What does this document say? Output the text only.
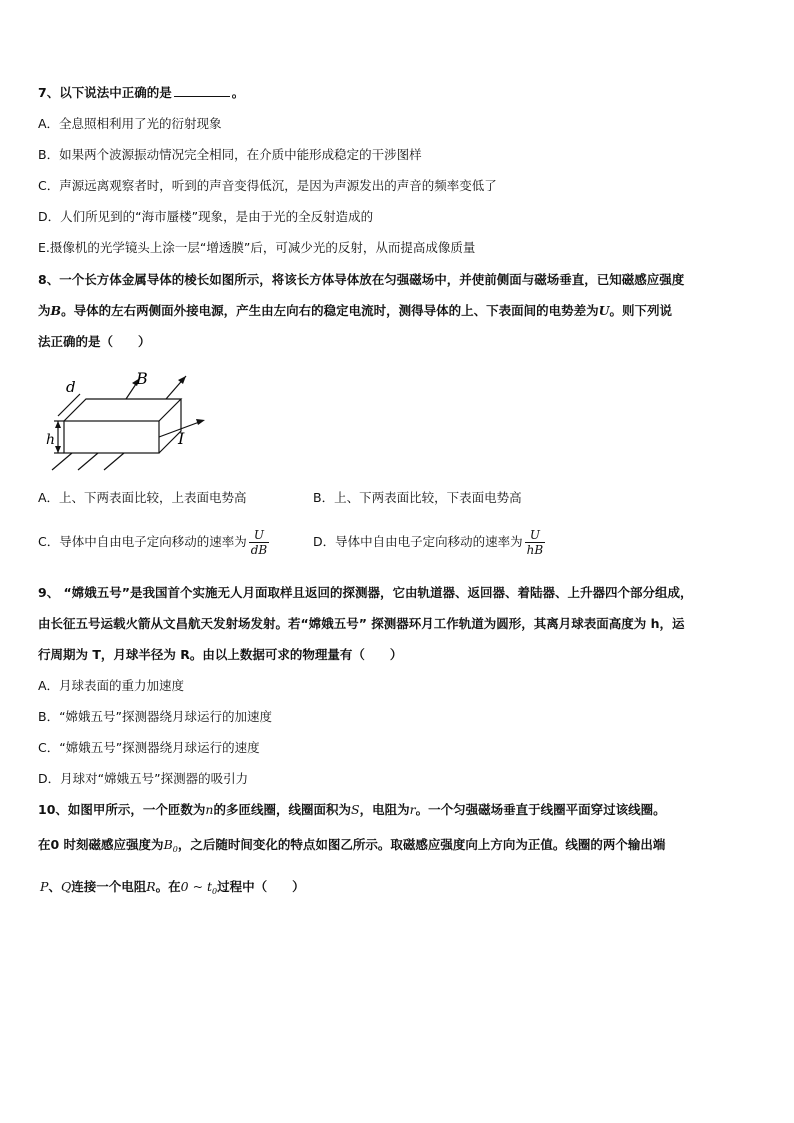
7、以下说法中正确的是	。
A．全息照相利用了光的衍射现象
B．如果两个波源振动情况完全相同，在介质中能形成稳定的干涉图样
C．声源远离观察者时，听到的声音变得低沉，是因为声源发出的声音的频率变低了
D．人们所见到的“海市蜃楼”现象，是由于光的全反射造成的
E.摄像机的光学镜头上涂一层“增透膜”后，可减少光的反射，从而提高成像质量
8、一个长方体金属导体的棱长如图所示，将该长方体导体放在匀强磁场中，并使前侧面与磁场垂直，已知磁感应强度
为B。导体的左右两侧面外接电源，产生由左向右的稳定电流时，测得导体的上、下表面间的电势差为U。则下列说
法正确的是（　　）
d	B
h	I
A．上、下两表面比较，上表面电势高	B．上、下两表面比较，下表面电势高
C．导体中自由电子定向移动的速率为 $\frac{U}{dB}$	D．导体中自由电子定向移动的速率为 $\frac{U}{hB}$
9、 “嫦娥五号”是我国首个实施无人月面取样且返回的探测器，它由轨道器、返回器、着陆器、上升器四个部分组成，
由长征五号运载火箭从文昌航天发射场发射。若“嫦娥五号” 探测器环月工作轨道为圆形，其离月球表面高度为 h，运
行周期为 T，月球半径为 R。由以上数据可求的物理量有（　　）
A．月球表面的重力加速度
B．“嫦娥五号”探测器绕月球运行的加速度
C．“嫦娥五号”探测器绕月球运行的速度
D．月球对“嫦娥五号”探测器的吸引力
10、如图甲所示，一个匝数为n的多匝线圈，线圈面积为S，电阻为r。一个匀强磁场垂直于线圈平面穿过该线圈。
在0 时刻磁感应强度为$B_0$，之后随时间变化的特点如图乙所示。取磁感应强度向上方向为正值。线圈的两个输出端
P、Q连接一个电阻R。在0 ~ $t_0$过程中（　　）
